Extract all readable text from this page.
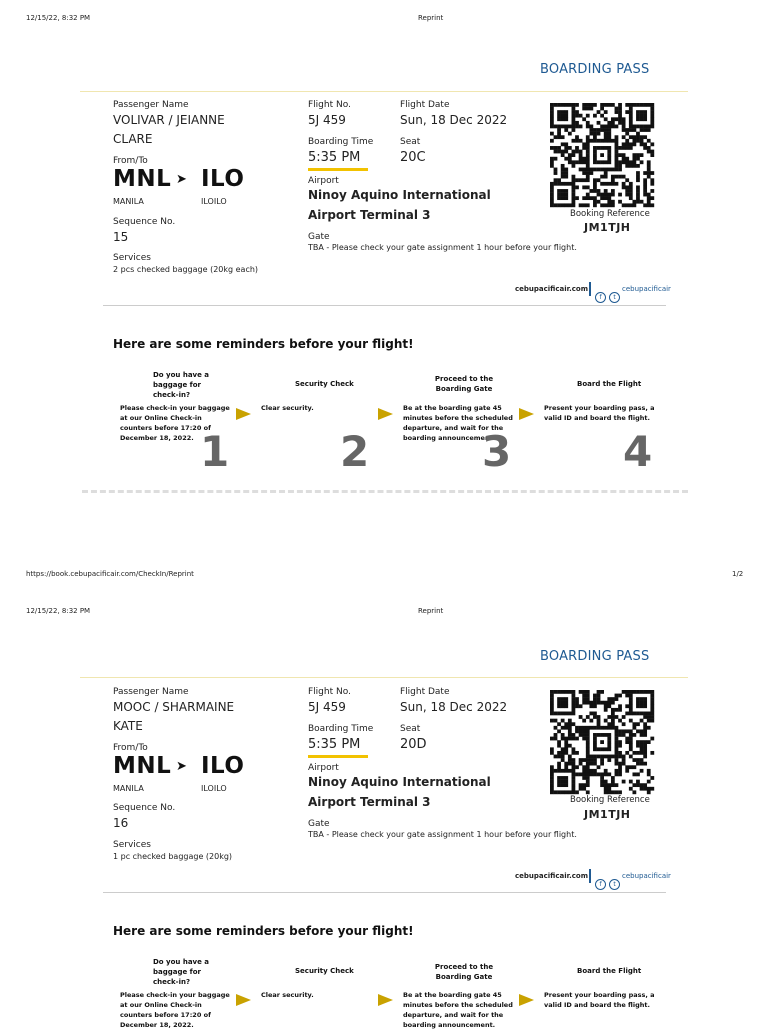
12/15/22, 8:32 PM	Reprint
BOARDING PASS
Passenger Name
VOLIVAR / JEIANNE
CLARE
From/To
MNL ➤ ILO
MANILA	ILOILO
Sequence No.
15
Services
2 pcs checked baggage (20kg each)
Flight No.
5J 459
Flight Date
Sun, 18 Dec 2022
Boarding Time
5:35 PM
Seat
20C
Airport
Ninoy Aquino International
Airport Terminal 3
Gate
TBA - Please check your gate assignment 1 hour before your flight.
Booking Reference
JM1TJH
cebupacificair.com
f	t
cebupacificair
Here are some reminders before your flight!
Do you have a baggage for check-in?
Please check-in your baggage at our Online Check-in counters before 17:20 of December 18, 2022. 1
Security Check
Clear security.
2
Proceed to the Boarding Gate
Be at the boarding gate 45 minutes before the scheduled departure, and wait for the boarding announcement.
3
Board the Flight
Present your boarding pass, a valid ID and board the flight.
4
https://book.cebupacificair.com/CheckIn/Reprint	1/2
12/15/22, 8:32 PM	Reprint
BOARDING PASS
Passenger Name
MOOC / SHARMAINE
KATE
From/To
MNL ➤ ILO
MANILA	ILOILO
Sequence No.
16
Services
1 pc checked baggage (20kg)
Flight No.
5J 459
Flight Date
Sun, 18 Dec 2022
Boarding Time
5:35 PM
Seat
20D
Airport
Ninoy Aquino International
Airport Terminal 3
Gate
TBA - Please check your gate assignment 1 hour before your flight.
Booking Reference
JM1TJH
cebupacificair.com
f	t
cebupacificair
Here are some reminders before your flight!
Do you have a baggage for check-in?
Please check-in your baggage at our Online Check-in counters before 17:20 of December 18, 2022.
Security Check
Clear security.
Proceed to the Boarding Gate
Be at the boarding gate 45 minutes before the scheduled departure, and wait for the boarding announcement.
Board the Flight
Present your boarding pass, a valid ID and board the flight.
